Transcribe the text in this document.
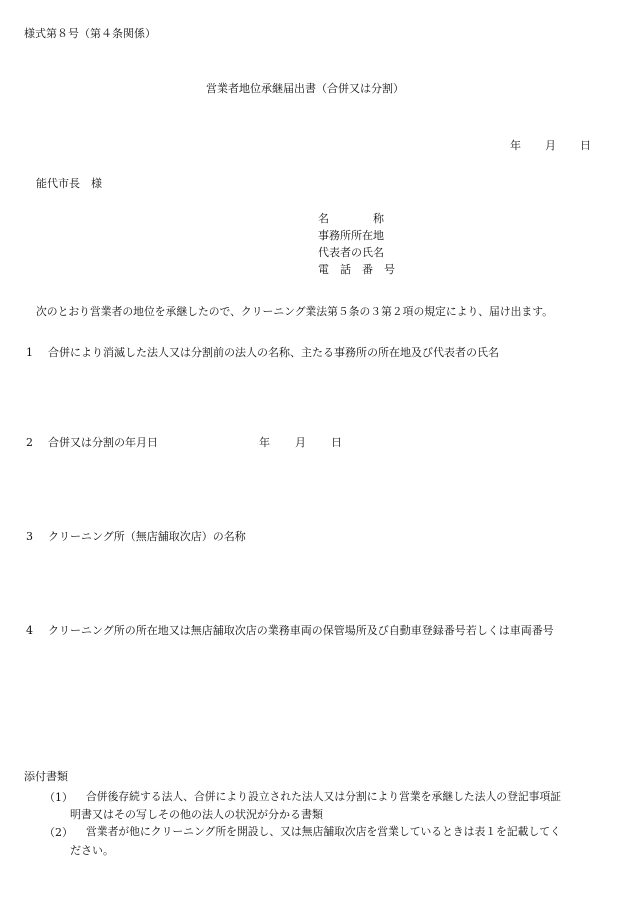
様式第８号（第４条関係）
営業者地位承継届出書（合併又は分割）
年 月 日
能代市長　様
名　　　　称
事務所所在地
代表者の氏名
電　話　番　号
次のとおり営業者の地位を承継したので、クリーニング業法第５条の３第２項の規定により、届け出ます。
1 合併により消滅した法人又は分割前の法人の名称、主たる事務所の所在地及び代表者の氏名
2 合併又は分割の年月日	年 月 日
3 クリーニング所（無店舗取次店）の名称
4 クリーニング所の所在地又は無店舗取次店の業務車両の保管場所及び自動車登録番号若しくは車両番号
添付書類
（1） 合併後存続する法人、合併により設立された法人又は分割により営業を承継した法人の登記事項証
明書又はその写しその他の法人の状況が分かる書類
（2） 営業者が他にクリーニング所を開設し、又は無店舗取次店を営業しているときは表１を記載してく
ださい。
